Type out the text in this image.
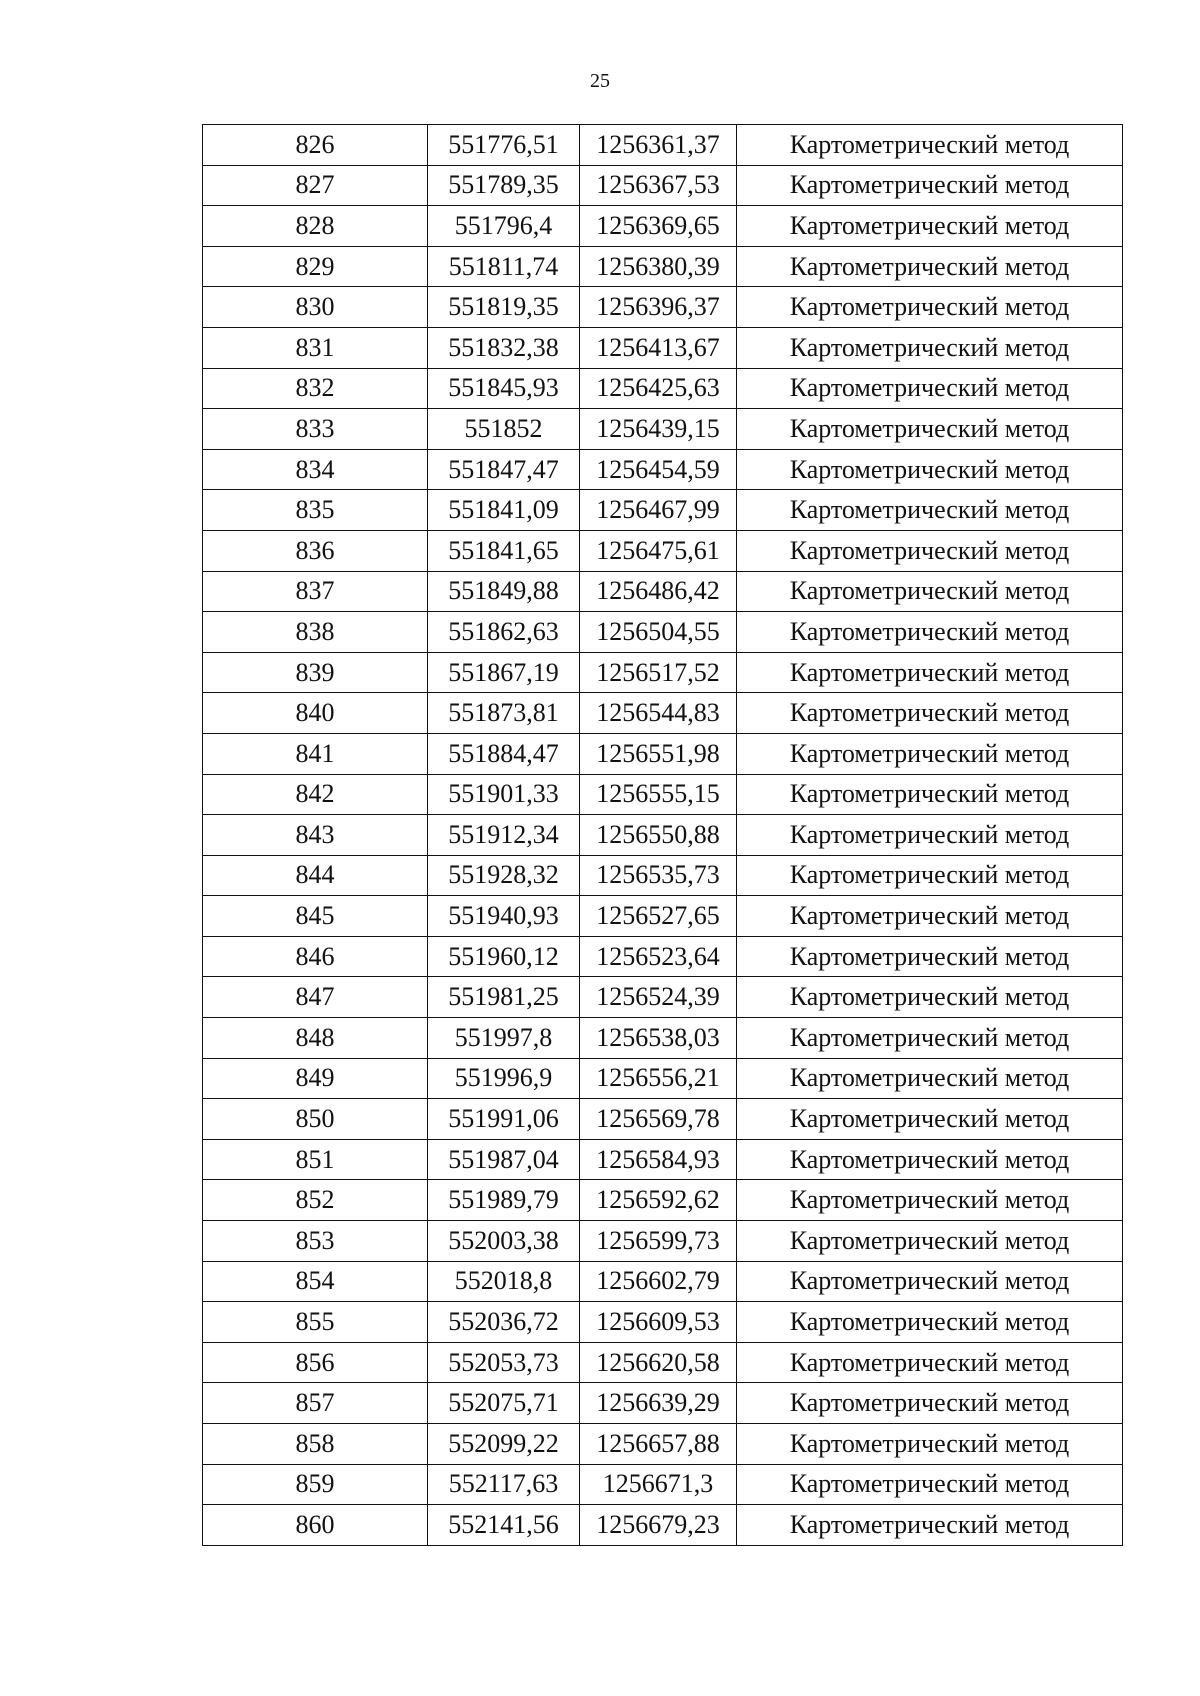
25
826	551776,51	1256361,37	Картометрический метод
827	551789,35	1256367,53	Картометрический метод
828	551796,4	1256369,65	Картометрический метод
829	551811,74	1256380,39	Картометрический метод
830	551819,35	1256396,37	Картометрический метод
831	551832,38	1256413,67	Картометрический метод
832	551845,93	1256425,63	Картометрический метод
833	551852	1256439,15	Картометрический метод
834	551847,47	1256454,59	Картометрический метод
835	551841,09	1256467,99	Картометрический метод
836	551841,65	1256475,61	Картометрический метод
837	551849,88	1256486,42	Картометрический метод
838	551862,63	1256504,55	Картометрический метод
839	551867,19	1256517,52	Картометрический метод
840	551873,81	1256544,83	Картометрический метод
841	551884,47	1256551,98	Картометрический метод
842	551901,33	1256555,15	Картометрический метод
843	551912,34	1256550,88	Картометрический метод
844	551928,32	1256535,73	Картометрический метод
845	551940,93	1256527,65	Картометрический метод
846	551960,12	1256523,64	Картометрический метод
847	551981,25	1256524,39	Картометрический метод
848	551997,8	1256538,03	Картометрический метод
849	551996,9	1256556,21	Картометрический метод
850	551991,06	1256569,78	Картометрический метод
851	551987,04	1256584,93	Картометрический метод
852	551989,79	1256592,62	Картометрический метод
853	552003,38	1256599,73	Картометрический метод
854	552018,8	1256602,79	Картометрический метод
855	552036,72	1256609,53	Картометрический метод
856	552053,73	1256620,58	Картометрический метод
857	552075,71	1256639,29	Картометрический метод
858	552099,22	1256657,88	Картометрический метод
859	552117,63	1256671,3	Картометрический метод
860	552141,56	1256679,23	Картометрический метод
